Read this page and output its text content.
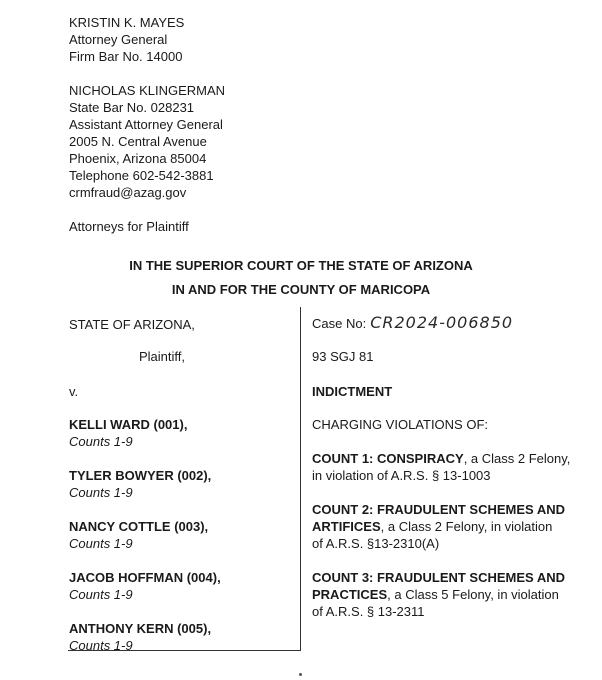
KRISTIN K. MAYES
Attorney General
Firm Bar No. 14000
NICHOLAS KLINGERMAN
State Bar No. 028231
Assistant Attorney General
2005 N. Central Avenue
Phoenix, Arizona 85004
Telephone 602-542-3881
crmfraud@azag.gov
Attorneys for Plaintiff
IN THE SUPERIOR COURT OF THE STATE OF ARIZONA
IN AND FOR THE COUNTY OF MARICOPA
STATE OF ARIZONA,
Plaintiff,
v.
KELLI WARD (001),
Counts 1-9
TYLER BOWYER (002),
Counts 1-9
NANCY COTTLE (003),
Counts 1-9
JACOB HOFFMAN (004),
Counts 1-9
ANTHONY KERN (005),
Counts 1-9
Case No: CR2024-006850
93 SGJ 81
INDICTMENT
CHARGING VIOLATIONS OF:
COUNT 1: CONSPIRACY, a Class 2 Felony,
in violation of A.R.S. § 13-1003
COUNT 2: FRAUDULENT SCHEMES AND
ARTIFICES, a Class 2 Felony, in violation
of A.R.S. §13-2310(A)
COUNT 3: FRAUDULENT SCHEMES AND
PRACTICES, a Class 5 Felony, in violation
of A.R.S. § 13-2311
